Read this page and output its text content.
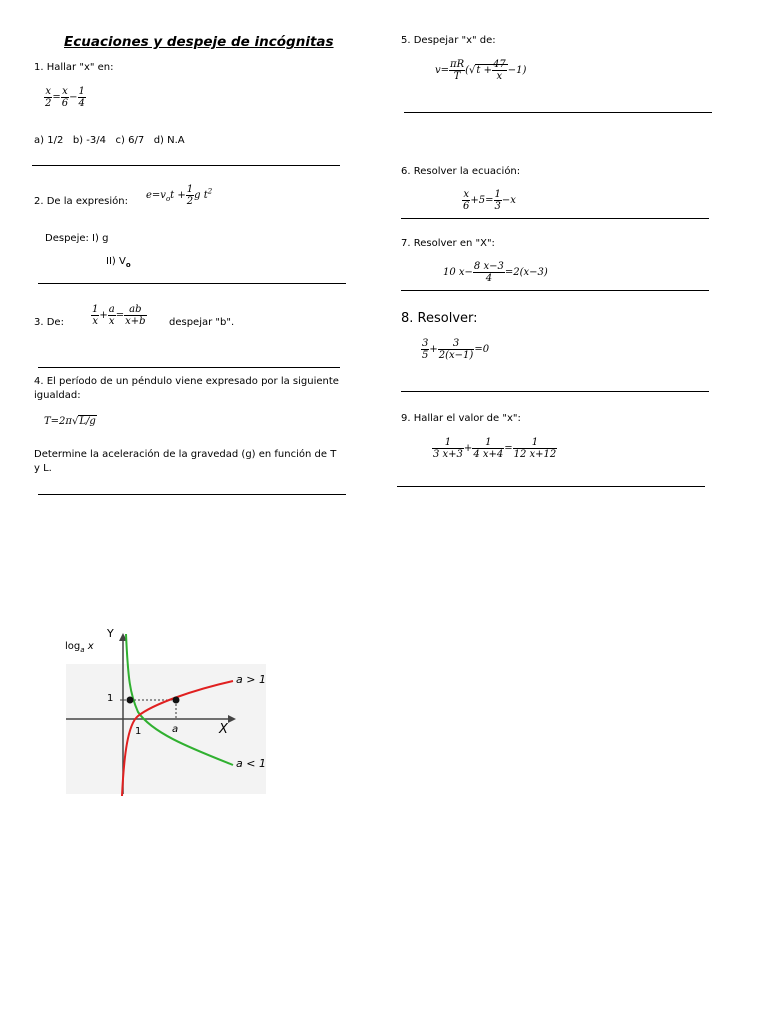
Ecuaciones y despeje de incógnitas
1. Hallar "x" en:
$\frac{x}{2} = \frac{x}{6} - \frac{1}{4}$
a) 1/2   b) -3/4   c) 6/7   d) N.A
2. De la expresión:
$e=v_ot + \frac{1}{2}$ g $t^2$
Despeje: I) g
II) $V_o$
3. De:	$\frac{1}{x} + \frac{a}{x} = \frac{ab}{x+b}$ despejar "b".
4. El período de un péndulo viene expresado por la siguiente
igualdad:
T=2π√L/g
Determine la aceleración de la gravedad (g) en función de T
y L.
5. Despejar "x" de:
$v= \frac{\pi R}{T} (√t + \frac{47}{x} -1)$
6. Resolver la ecuación:
$\frac{x}{6} +5= \frac{1}{3} -x$
7. Resolver en "X":
10 $x- \frac{8 x-3}{4} =2(x-3)$
8. Resolver:
$\frac{3}{5} + \frac{3}{2(x-1)} =0$
9. Hallar el valor de "x":
$\frac{1}{3 x+3} + \frac{1}{4 x+4} = \frac{1}{12 x+12}$
$\log_a x$
Y
X
1
1	a
a > 1
a < 1
